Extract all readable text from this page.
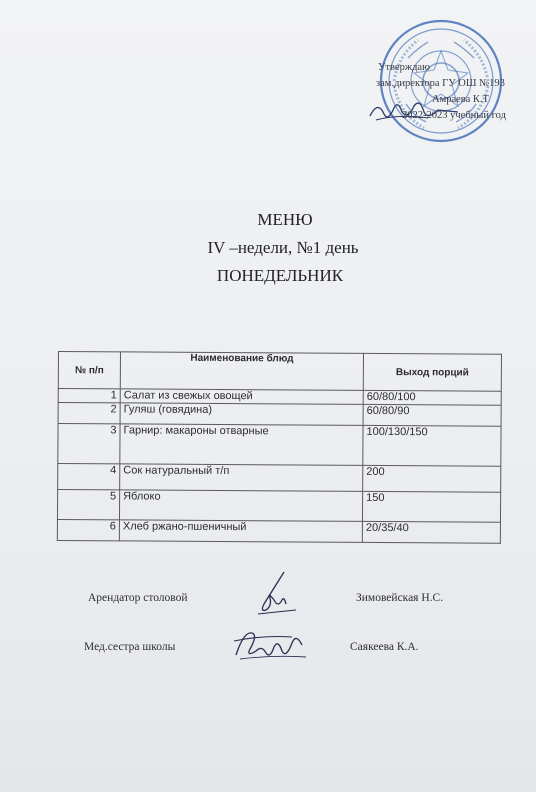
Утверждаю
зам.директора ГУ ОШ №193
Амраева К.Т
2022-2023 учебный год
МЕНЮ
IV –недели, №1 день
ПОНЕДЕЛЬНИК
№ п/п	Наименование блюд	Выход порций
1	Салат из свежых овощей	60/80/100
2	Гуляш (говядина)	60/80/90
3	Гарнир: макароны отварные	100/130/150
4	Сок натуральный т/п	200
5	Яблоко	150
6	Хлеб ржано-пшеничный	20/35/40
Арендатор столовой	Зимовейская Н.С.
Мед.сестра школы	Саякеева К.А.
